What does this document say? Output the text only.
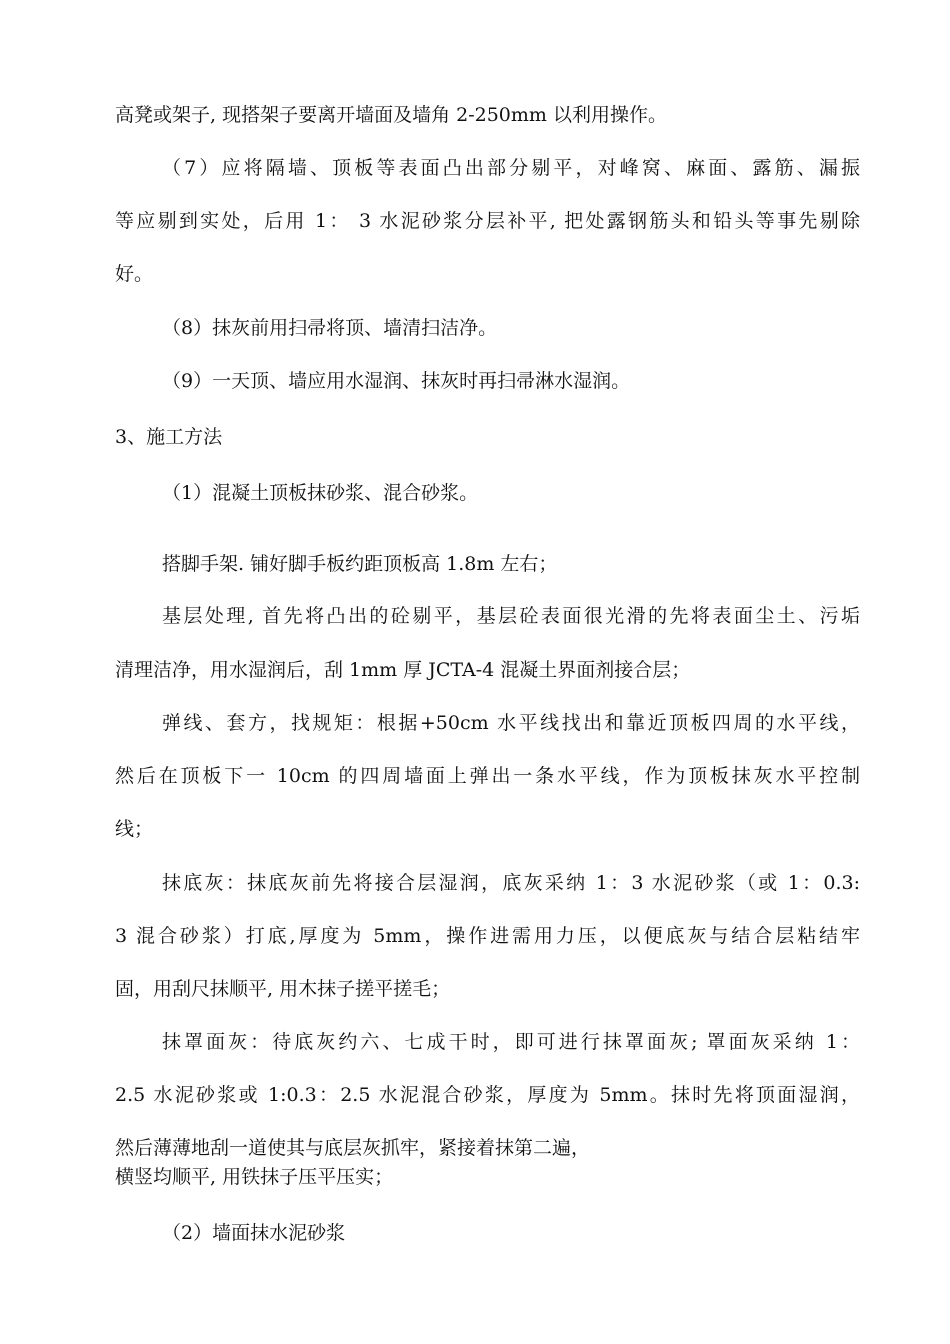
高凳或架子, 现搭架子要离开墙面及墙角 2-250mm 以利用操作。
（7）应将隔墙、顶板等表面凸出部分剔平，对峰窝、麻面、露筋、漏振
等应剔到实处，后用 1： 3 水泥砂浆分层补平, 把处露钢筋头和铅头等事先剔除
好。
（8）抹灰前用扫帚将顶、墙清扫洁净。
（9）一天顶、墙应用水湿润、抹灰时再扫帚淋水湿润。
3、施工方法
（1）混凝土顶板抹砂浆、混合砂浆。
搭脚手架. 铺好脚手板约距顶板高 1.8m 左右；
基层处理, 首先将凸出的砼剔平，基层砼表面很光滑的先将表面尘土、污垢
清理洁净，用水湿润后，刮 1mm 厚 JCTA-4 混凝土界面剂接合层；
弹线、套方，找规矩：根据+50cm 水平线找出和靠近顶板四周的水平线，
然后在顶板下一 10cm 的四周墙面上弹出一条水平线，作为顶板抹灰水平控制
线；
抹底灰：抹底灰前先将接合层湿润，底灰采纳 1：3 水泥砂浆（或 1：0.3:
3 混合砂浆）打底,厚度为 5mm，操作进需用力压，以便底灰与结合层粘结牢
固，用刮尺抹顺平, 用木抹子搓平搓毛；
抹罩面灰：待底灰约六、七成干时，即可进行抹罩面灰; 罩面灰采纳 1：
2.5 水泥砂浆或 1:0.3：2.5 水泥混合砂浆，厚度为 5mm。抹时先将顶面湿润，
然后薄薄地刮一道使其与底层灰抓牢，紧接着抹第二遍，
横竖均顺平, 用铁抹子压平压实；
（2）墙面抹水泥砂浆
